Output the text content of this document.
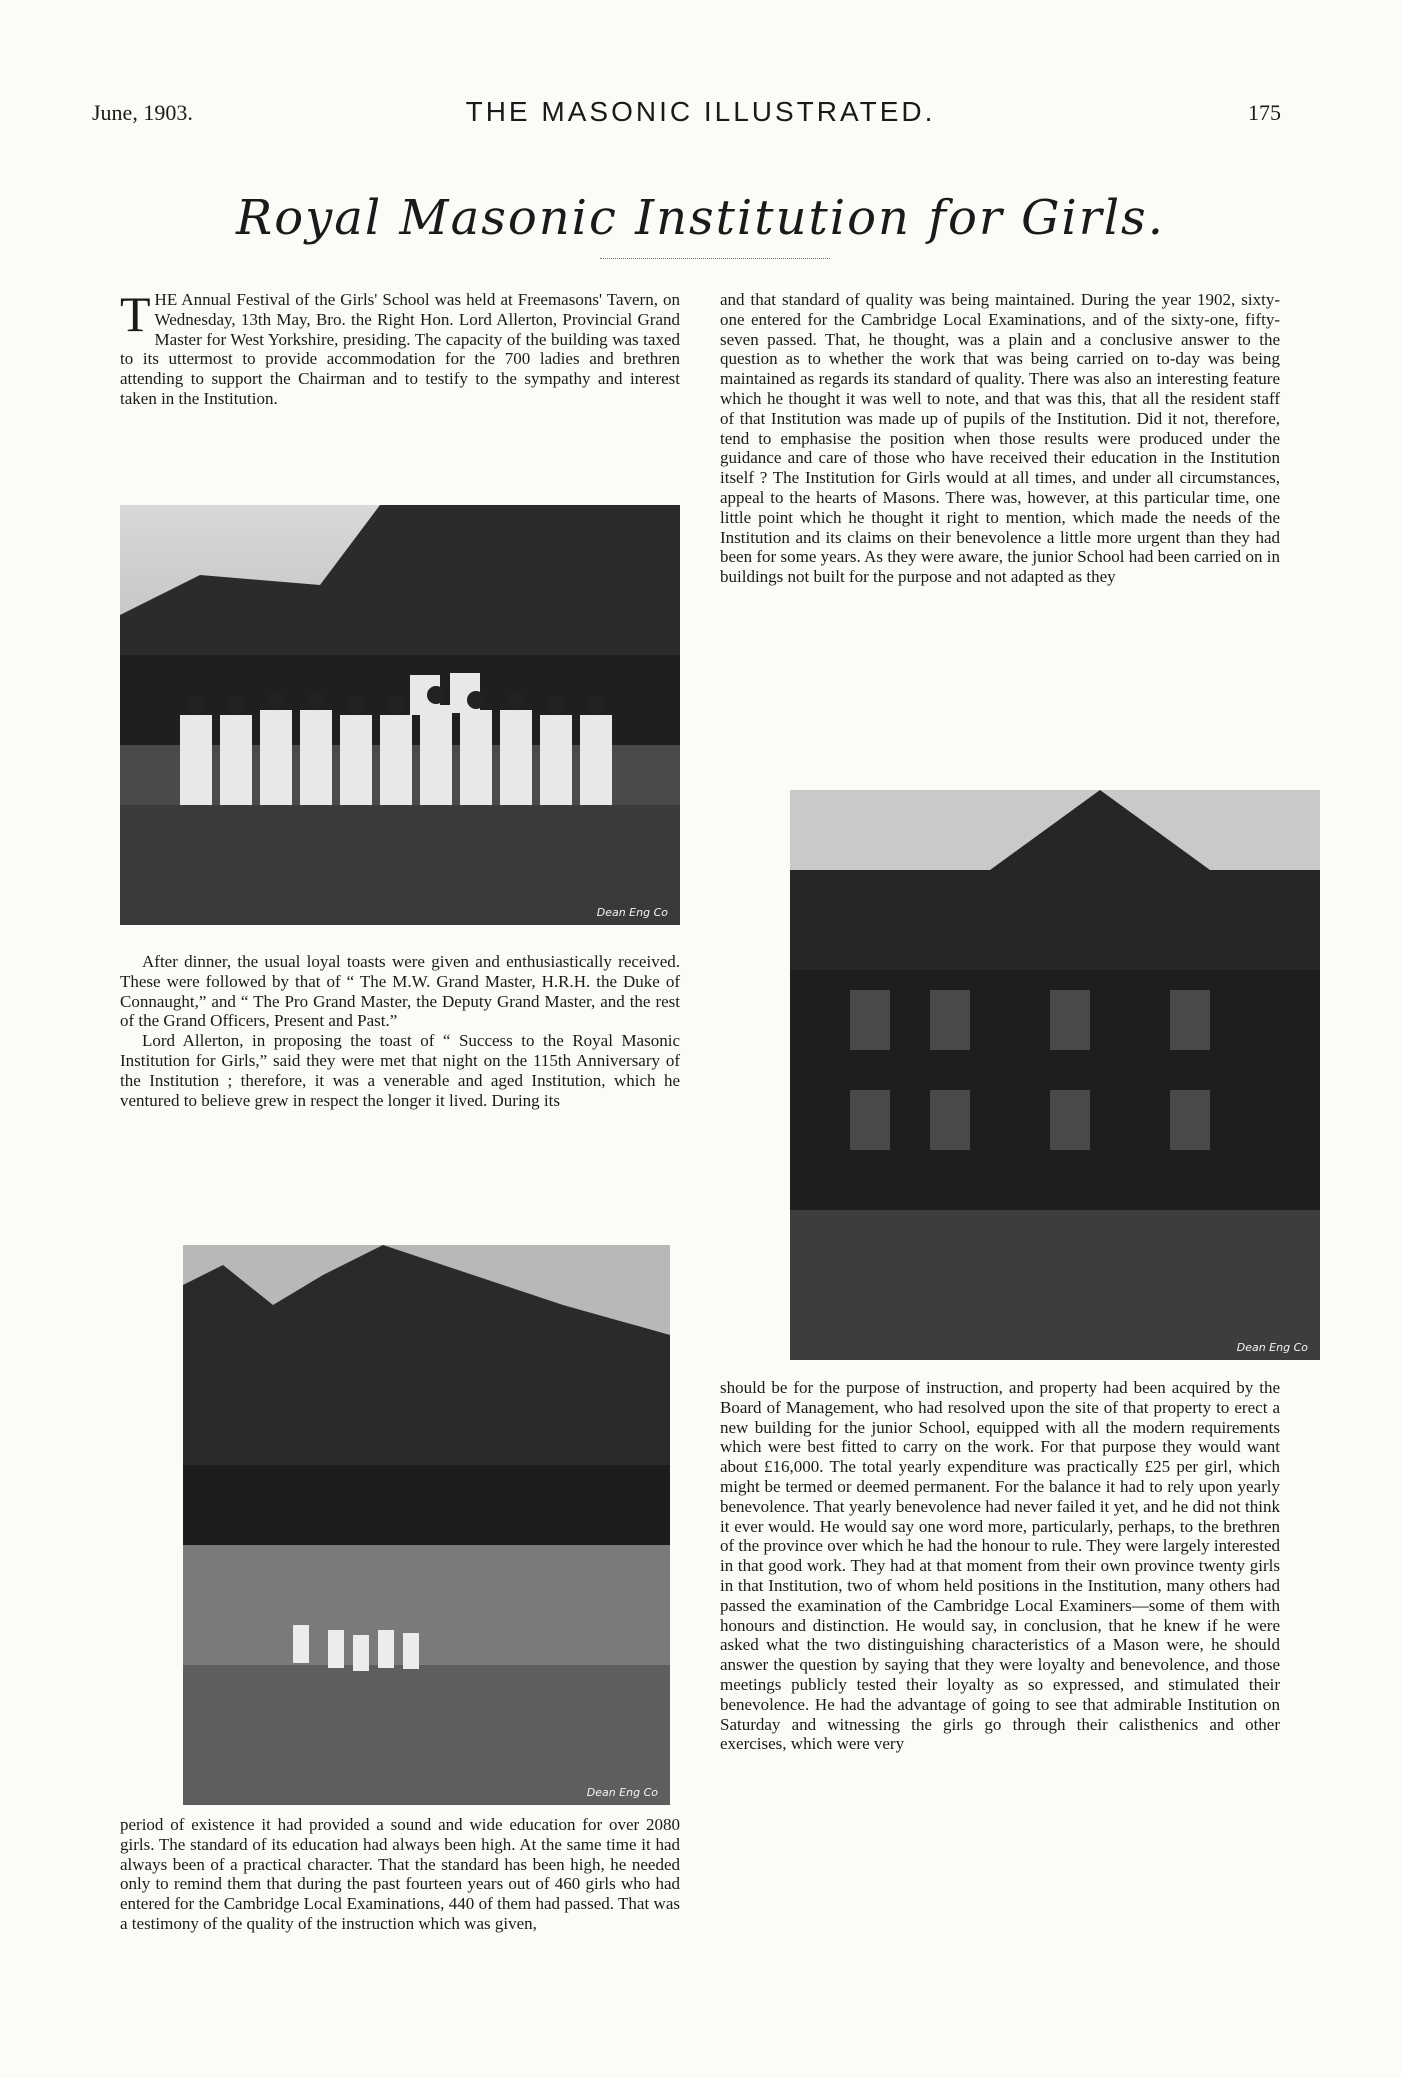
June, 1903.	THE MASONIC ILLUSTRATED.	175
Royal Masonic Institution for Girls.
T HE Annual Festival of the Girls' School was held at Freemasons' Tavern, on Wednesday, 13th May, Bro. the Right Hon. Lord Allerton, Provincial Grand Master for West Yorkshire, presiding. The capacity of the building was taxed to its uttermost to provide accommodation for the 700 ladies and brethren attending to support the Chairman and to testify to the sympathy and interest taken in the Institution.
Dean Eng Co

After dinner, the usual loyal toasts were given and enthusiastically received. These were followed by that of “ The M.W. Grand Master, H.R.H. the Duke of Connaught,” and “ The Pro Grand Master, the Deputy Grand Master, and the rest of the Grand Officers, Present and Past.”

Lord Allerton, in proposing the toast of “ Success to the Royal Masonic Institution for Girls,” said they were met that night on the 115th Anniversary of the Institution ; therefore, it was a venerable and aged Institution, which he ventured to believe grew in respect the longer it lived. During its

Dean Eng Co

period of existence it had provided a sound and wide education for over 2080 girls. The standard of its education had always been high. At the same time it had always been of a practical character. That the standard has been high, he needed only to remind them that during the past fourteen years out of 460 girls who had entered for the Cambridge Local Examinations, 440 of them had passed. That was a testimony of the quality of the instruction which was given,

and that standard of quality was being maintained. During the year 1902, sixty-one entered for the Cambridge Local Examinations, and of the sixty-one, fifty-seven passed. That, he thought, was a plain and a conclusive answer to the question as to whether the work that was being carried on to-day was being maintained as regards its standard of quality. There was also an interesting feature which he thought it was well to note, and that was this, that all the resident staff of that Institution was made up of pupils of the Institution. Did it not, therefore, tend to emphasise the position when those results were produced under the guidance and care of those who have received their education in the Institution itself ? The Institution for Girls would at all times, and under all circumstances, appeal to the hearts of Masons. There was, however, at this particular time, one little point which he thought it right to mention, which made the needs of the Institution and its claims on their benevolence a little more urgent than they had been for some years. As they were aware, the junior School had been carried on in buildings not built for the purpose and not adapted as they

Dean Eng Co

should be for the purpose of instruction, and property had been acquired by the Board of Management, who had resolved upon the site of that property to erect a new building for the junior School, equipped with all the modern requirements which were best fitted to carry on the work. For that purpose they would want about £16,000. The total yearly expenditure was practically £25 per girl, which might be termed or deemed permanent. For the balance it had to rely upon yearly benevolence. That yearly benevolence had never failed it yet, and he did not think it ever would. He would say one word more, particularly, perhaps, to the brethren of the province over which he had the honour to rule. They were largely interested in that good work. They had at that moment from their own province twenty girls in that Institution, two of whom held positions in the Institution, many others had passed the examination of the Cambridge Local Examiners—some of them with honours and distinction. He would say, in conclusion, that he knew if he were asked what the two distinguishing characteristics of a Mason were, he should answer the question by saying that they were loyalty and benevolence, and those meetings publicly tested their loyalty as so expressed, and stimulated their benevolence. He had the advantage of going to see that admirable Institution on Saturday and witnessing the girls go through their calisthenics and other exercises, which were very
